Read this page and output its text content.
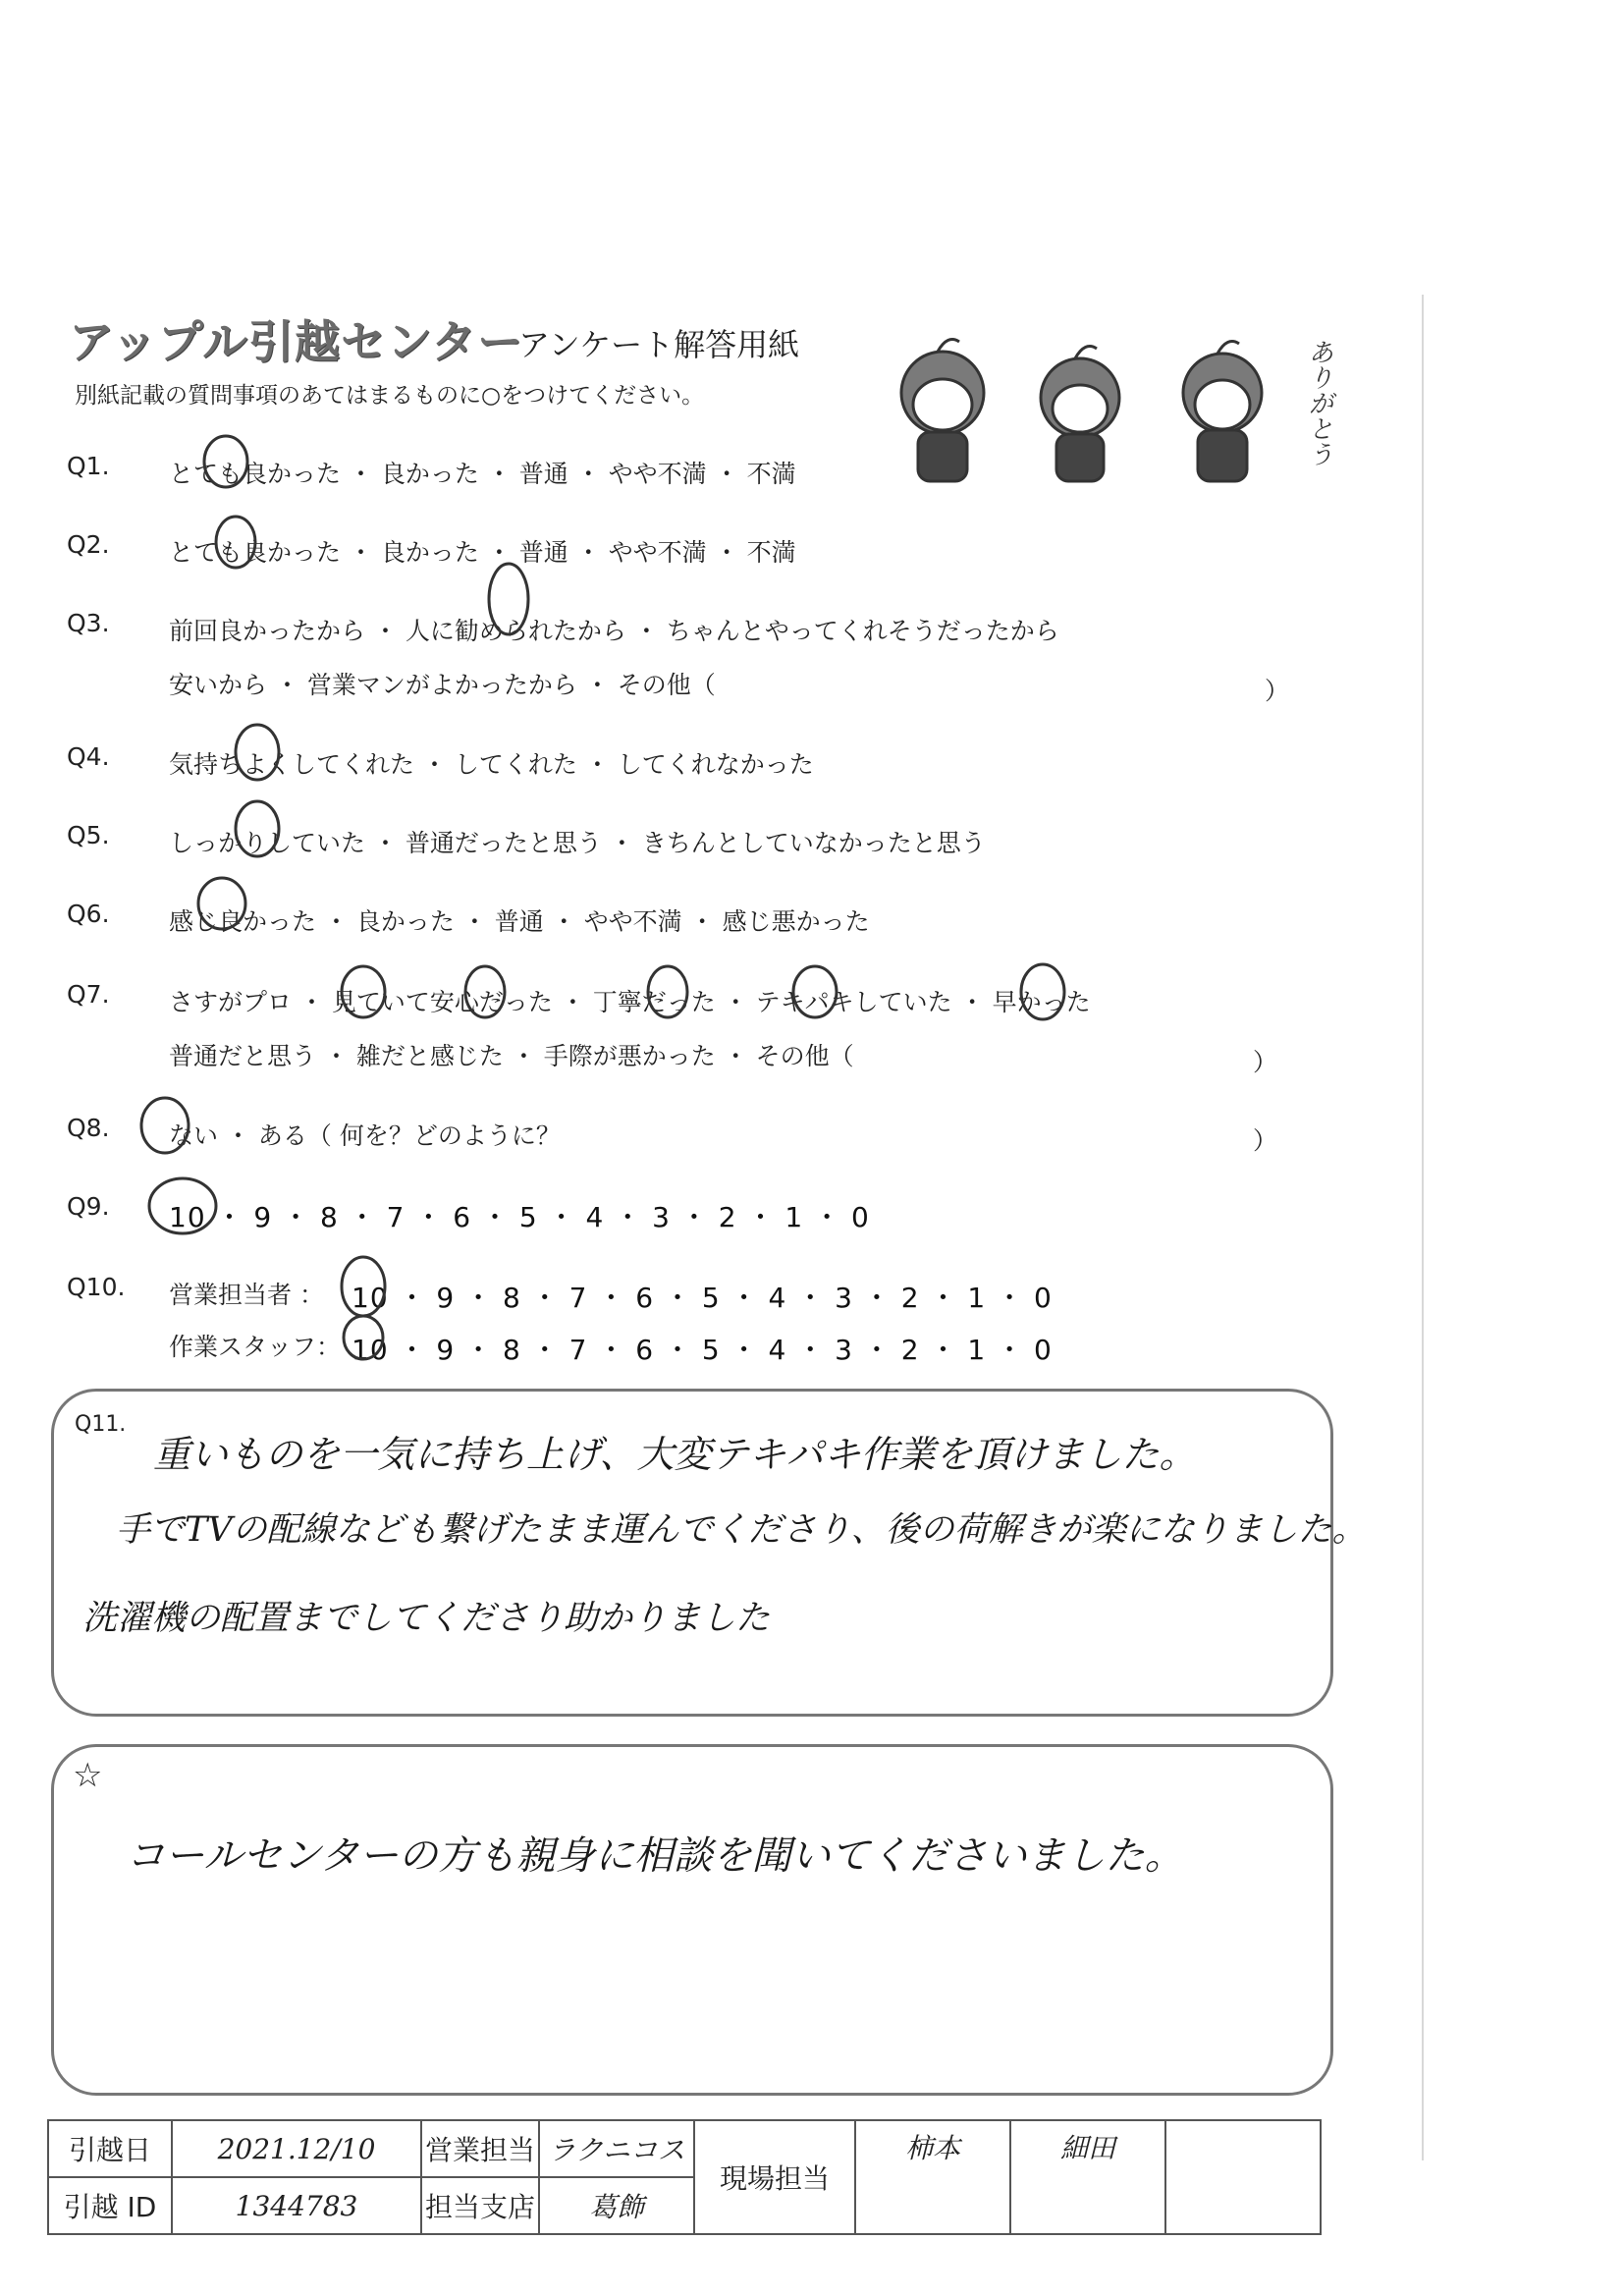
アップル引越センター
アンケート解答用紙
別紙記載の質問事項のあてはまるものに○をつけてください。	ありがとう
Q1. とても良かった ・ 良かった ・ 普通 ・ やや不満 ・ 不満
Q2. とても良かった ・ 良かった ・ 普通 ・ やや不満 ・ 不満
Q3. 前回良かったから ・ 人に勧められたから ・ ちゃんとやってくれそうだったから
安いから ・ 営業マンがよかったから ・ その他（	）
Q4. 気持ちよくしてくれた ・ してくれた ・ してくれなかった
Q5. しっかりしていた ・ 普通だったと思う ・ きちんとしていなかったと思う
Q6. 感じ良かった ・ 良かった ・ 普通 ・ やや不満 ・ 感じ悪かった
Q7. さすがプロ ・ 見ていて安心だった ・ 丁寧だった ・ テキパキしていた ・ 早かった
普通だと思う ・ 雑だと感じた ・ 手際が悪かった ・ その他（	）
Q8. ない ・ ある（ 何を？どのように？	）
Q9. 10 ・ 9 ・ 8 ・ 7 ・ 6 ・ 5 ・ 4 ・ 3 ・ 2 ・ 1 ・ 0
Q10. 営業担当者 ： 10 ・ 9 ・ 8 ・ 7 ・ 6 ・ 5 ・ 4 ・ 3 ・ 2 ・ 1 ・ 0
作業スタッフ： 10 ・ 9 ・ 8 ・ 7 ・ 6 ・ 5 ・ 4 ・ 3 ・ 2 ・ 1 ・ 0
Q11.
重いものを一気に持ち上げ、大変テキパキ作業を頂けました。
手でTVの配線なども繋げたまま運んでくださり、後の荷解きが楽になりました。
洗濯機の配置までしてくださり助かりました
☆
コールセンターの方も親身に相談を聞いてくださいました。
引越日	2021.12/10	営業担当	ラクニコス	現場担当	柿本	細田	
引越 ID	1344783	担当支店	葛飾				
